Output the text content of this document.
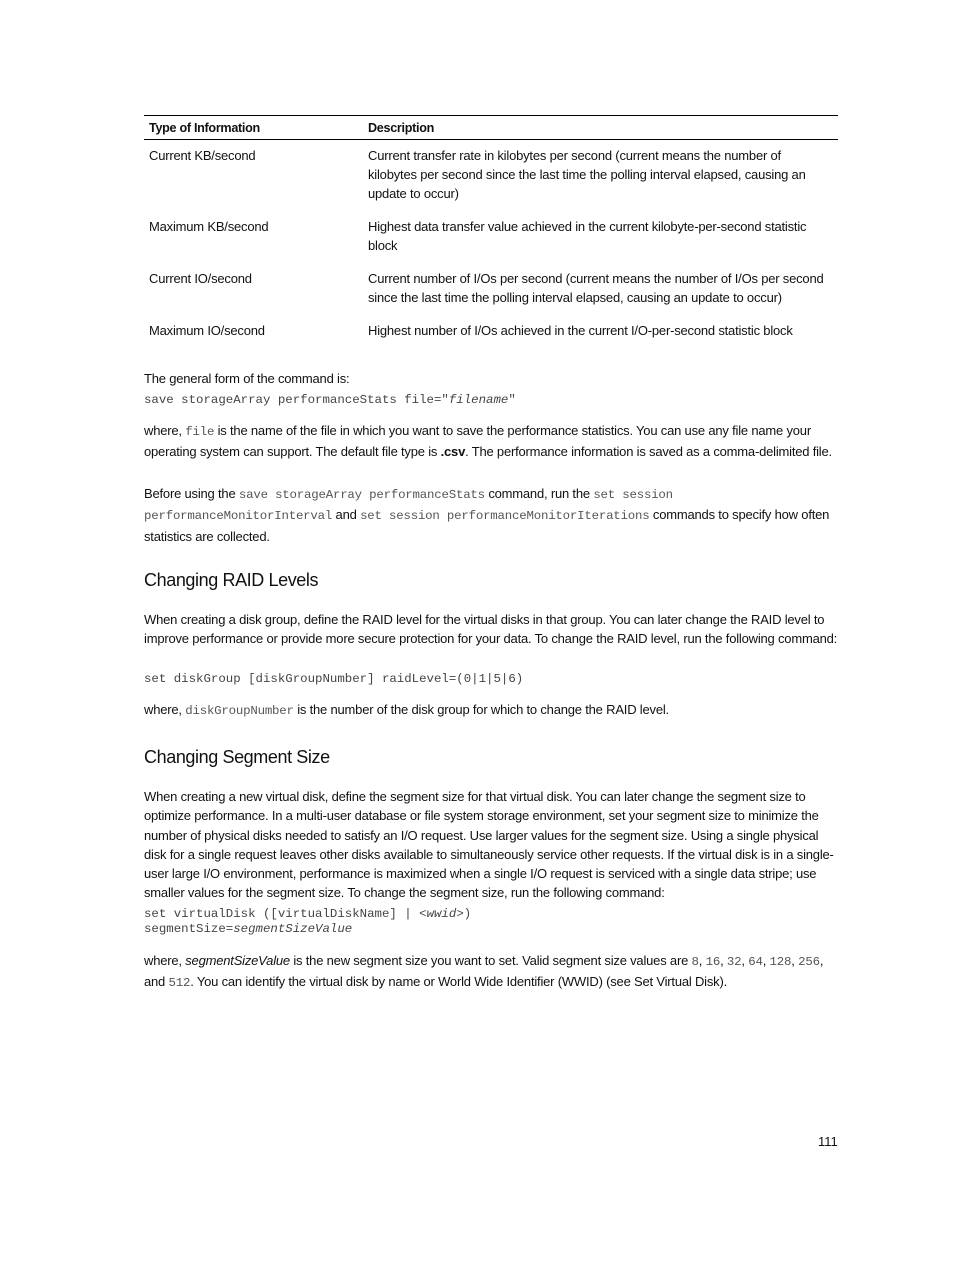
Type of Information	Description
Current KB/second	Current transfer rate in kilobytes per second (current means the number of kilobytes per second since the last time the polling interval elapsed, causing an update to occur)
Maximum KB/second	Highest data transfer value achieved in the current kilobyte-per-second statistic block
Current IO/second	Current number of I/Os per second (current means the number of I/Os per second since the last time the polling interval elapsed, causing an update to occur)
Maximum IO/second	Highest number of I/Os achieved in the current I/O-per-second statistic block
The general form of the command is:
save storageArray performanceStats file="filename"
where, file is the name of the file in which you want to save the performance statistics. You can use any file name your operating system can support. The default file type is .csv. The performance information is saved as a comma-delimited file.
Before using the save storageArray performanceStats command, run the set session performanceMonitorInterval and set session performanceMonitorIterations commands to specify how often statistics are collected.
Changing RAID Levels
When creating a disk group, define the RAID level for the virtual disks in that group. You can later change the RAID level to improve performance or provide more secure protection for your data. To change the RAID level, run the following command:
set diskGroup [diskGroupNumber] raidLevel=(0|1|5|6)
where, diskGroupNumber is the number of the disk group for which to change the RAID level.
Changing Segment Size
When creating a new virtual disk, define the segment size for that virtual disk. You can later change the segment size to optimize performance. In a multi-user database or file system storage environment, set your segment size to minimize the number of physical disks needed to satisfy an I/O request. Use larger values for the segment size. Using a single physical disk for a single request leaves other disks available to simultaneously service other requests. If the virtual disk is in a single-user large I/O environment, performance is maximized when a single I/O request is serviced with a single data stripe; use smaller values for the segment size. To change the segment size, run the following command:
set virtualDisk ([virtualDiskName] | <wwid>)
segmentSize=segmentSizeValue
where, segmentSizeValue is the new segment size you want to set. Valid segment size values are 8, 16, 32, 64, 128, 256, and 512. You can identify the virtual disk by name or World Wide Identifier (WWID) (see Set Virtual Disk).
111
